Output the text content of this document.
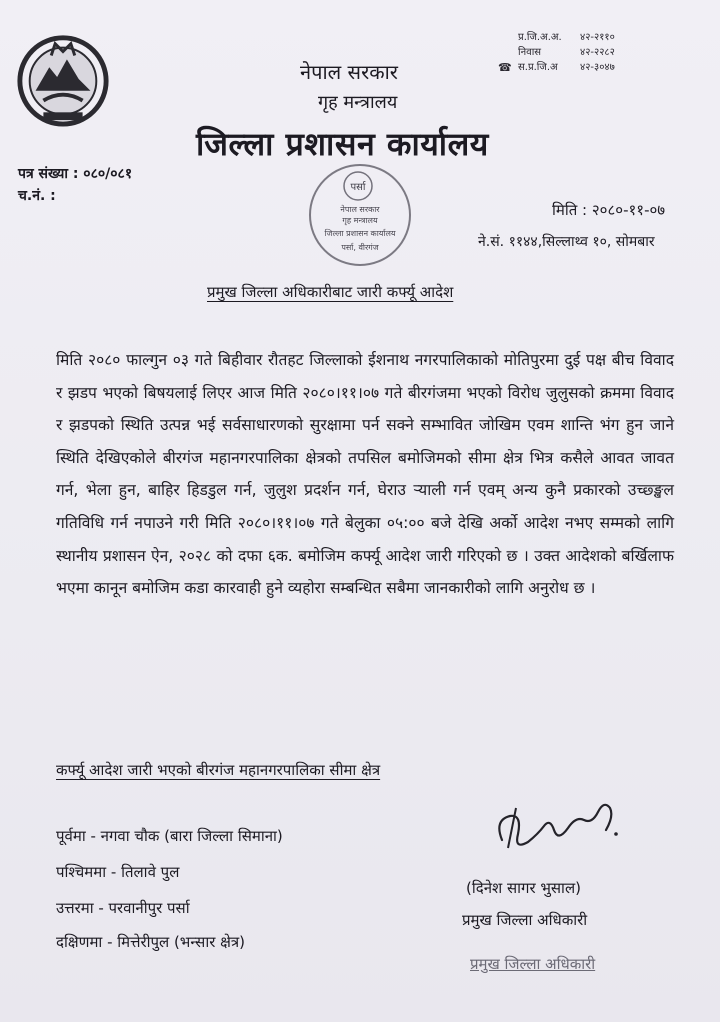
प्र.जि.अ.अ.	४२-२११०
निवास	४२-२२८२
☎ स.प्र.जि.अ	४२-३०४७
नेपाल सरकार
गृह मन्त्रालय
जिल्ला प्रशासन कार्यालय
पत्र संख्या : ०८०/०८१
च.नं. :
पर्सा
नेपाल सरकार
गृह मन्त्रालय
जिल्ला प्रशासन कार्यालय
पर्सा, वीरगंज
मिति : २०८०-११-०७
ने.सं. ११४४,सिल्लाथ्व १०, सोमबार
प्रमुख जिल्ला अधिकारीबाट जारी कर्फ्यू आदेश

मिति २०८० फाल्गुन ०३ गते बिहीवार रौतहट जिल्लाको ईशनाथ नगरपालिकाको मोतिपुरमा दुई पक्ष बीच विवाद र झडप भएको बिषयलाई लिएर आज मिति २०८०।११।०७ गते बीरगंजमा भएको विरोध जुलुसको क्रममा विवाद र झडपको स्थिति उत्पन्न भई सर्वसाधारणको सुरक्षामा पर्न सक्ने सम्भावित जोखिम एवम शान्ति भंग हुन जाने स्थिति देखिएकोले बीरगंज महानगरपालिका क्षेत्रको तपसिल बमोजिमको सीमा क्षेत्र भित्र कसैले आवत जावत गर्न, भेला हुन, बाहिर हिडडुल गर्न, जुलुश प्रदर्शन गर्न, घेराउ ऱ्याली गर्न एवम् अन्य कुनै प्रकारको उच्छ्ङ्खल गतिविधि गर्न नपाउने गरी मिति २०८०।११।०७ गते बेलुका ०५:०० बजे देखि अर्को आदेश नभए सम्मको लागि स्थानीय प्रशासन ऐन, २०२८ को दफा ६क. बमोजिम कर्फ्यू आदेश जारी गरिएको छ । उक्त आदेशको बर्खिलाफ भएमा कानून बमोजिम कडा कारवाही हुने व्यहोरा सम्बन्धित सबैमा जानकारीको लागि अनुरोध छ ।

कर्फ्यू आदेश जारी भएको बीरगंज महानगरपालिका सीमा क्षेत्र
पूर्वमा - नगवा चौक (बारा जिल्ला सिमाना)
पश्चिममा - तिलावे पुल
उत्तरमा - परवानीपुर पर्सा
दक्षिणमा - मित्तेरीपुल (भन्सार क्षेत्र)
(दिनेश सागर भुसाल)
प्रमुख जिल्ला अधिकारी
प्रमुख जिल्ला अधिकारी
